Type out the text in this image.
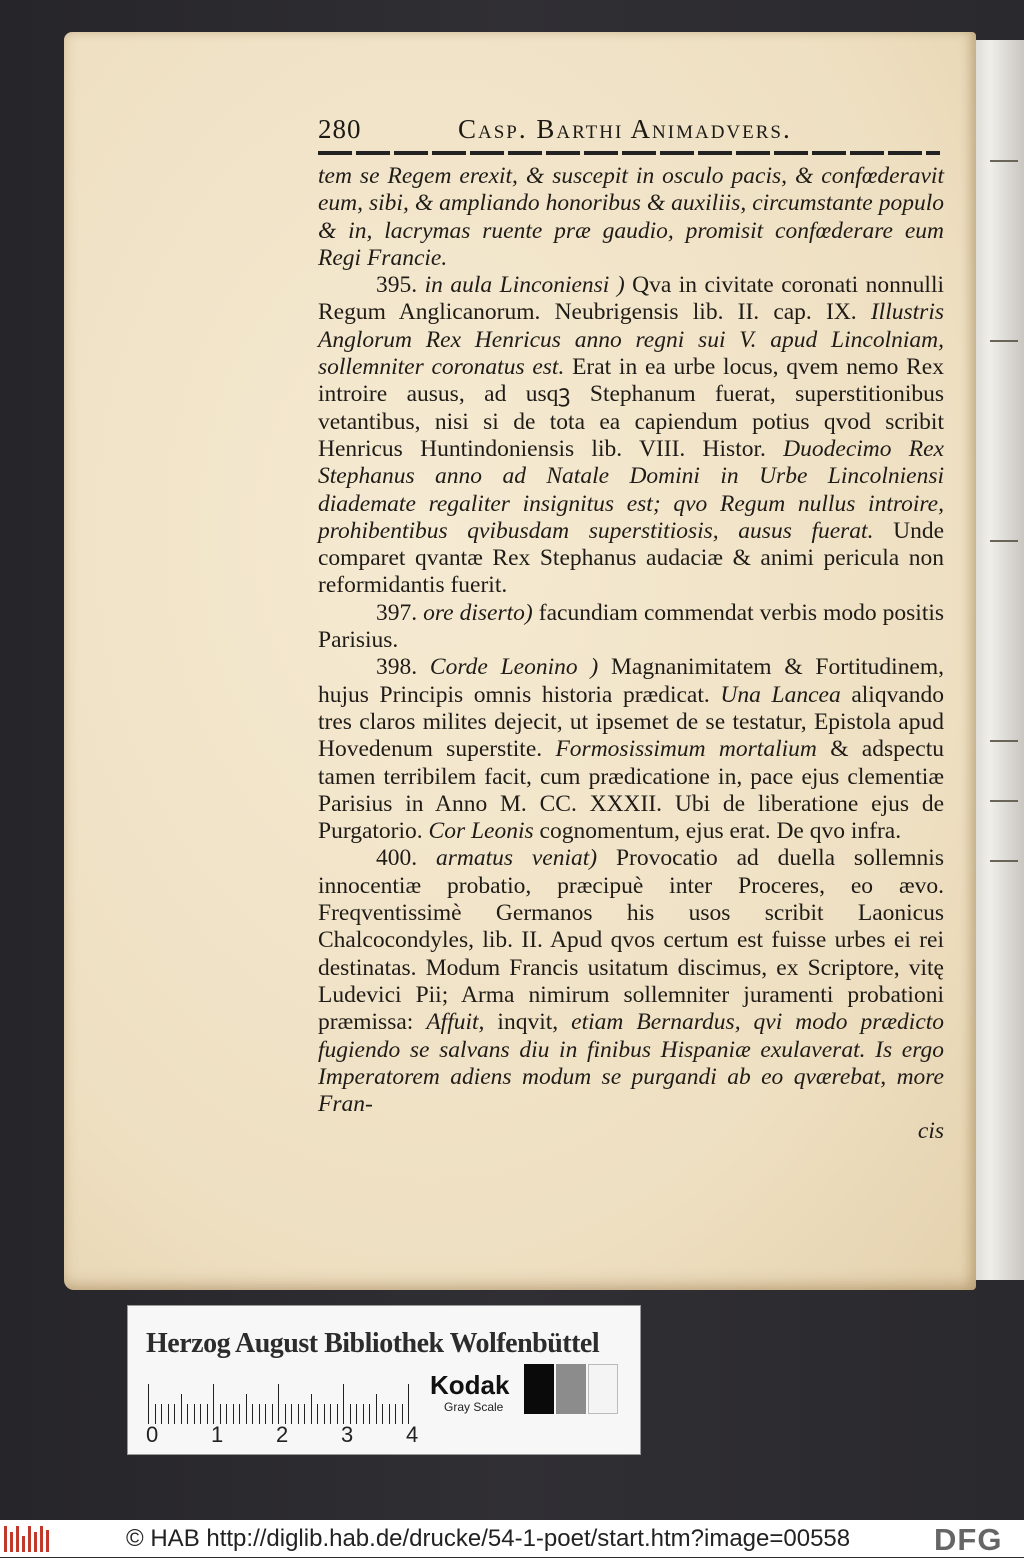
280	Casp. Barthi Animadvers.

tem se Regem erexit, & suscepit in osculo pacis, & confœderavit eum, sibi, & ampliando honoribus & auxiliis, circumstante populo & in, lacrymas ruente præ gaudio, promisit confœderare eum Regi Francie.

395. in aula Linconiensi ) Qva in civitate coronati nonnulli Regum Anglicanorum. Neubrigensis lib. II. cap. IX. Illustris Anglorum Rex Henricus anno regni sui V. apud Lincolniam, sollemniter coronatus est. Erat in ea urbe locus, qvem nemo Rex introire ausus, ad usqꝫ Stephanum fuerat, superstitionibus vetantibus, nisi si de tota ea capiendum potius qvod scribit Henricus Huntindoniensis lib. VIII. Histor. Duodecimo Rex Stephanus anno ad Natale Domini in Urbe Lincolniensi diademate regaliter insignitus est; qvo Regum nullus introire, prohibentibus qvibusdam superstitiosis, ausus fuerat. Unde comparet qvantæ Rex Stephanus audaciæ & animi pericula non reformidantis fuerit.

397. ore diserto) facundiam commendat verbis modo positis Parisius.

398. Corde Leonino ) Magnanimitatem & Fortitudinem, hujus Principis omnis historia prædicat. Una Lancea aliqvando tres claros milites dejecit, ut ipsemet de se testatur, Epistola apud Hovedenum superstite. Formosissimum mortalium & adspectu tamen terribilem facit, cum prædicatione in, pace ejus clementiæ Parisius in Anno M. CC. XXXII. Ubi de liberatione ejus de Purgatorio. Cor Leonis cognomentum, ejus erat. De qvo infra.

400. armatus veniat) Provocatio ad duella sollemnis innocentiæ probatio, præcipuè inter Proceres, eo ævo. Freqventissimè Germanos his usos scribit Laonicus Chalcocondyles, lib. II. Apud qvos certum est fuisse urbes ei rei destinatas. Modum Francis usitatum discimus, ex Scriptore, vitę Ludevici Pii; Arma nimirum sollemniter juramenti probationi præmissa: Affuit, inqvit, etiam Bernardus, qvi modo prædicto fugiendo se salvans diu in finibus Hispaniæ exulaverat. Is ergo Imperatorem adiens modum se purgandi ab eo qværebat, more Fran-

cis

Herzog August Bibliothek Wolfenbüttel
0 1 2 3 4
Kodak
Gray Scale
© HAB http://diglib.hab.de/drucke/54-1-poet/start.htm?image=00558	DFG
